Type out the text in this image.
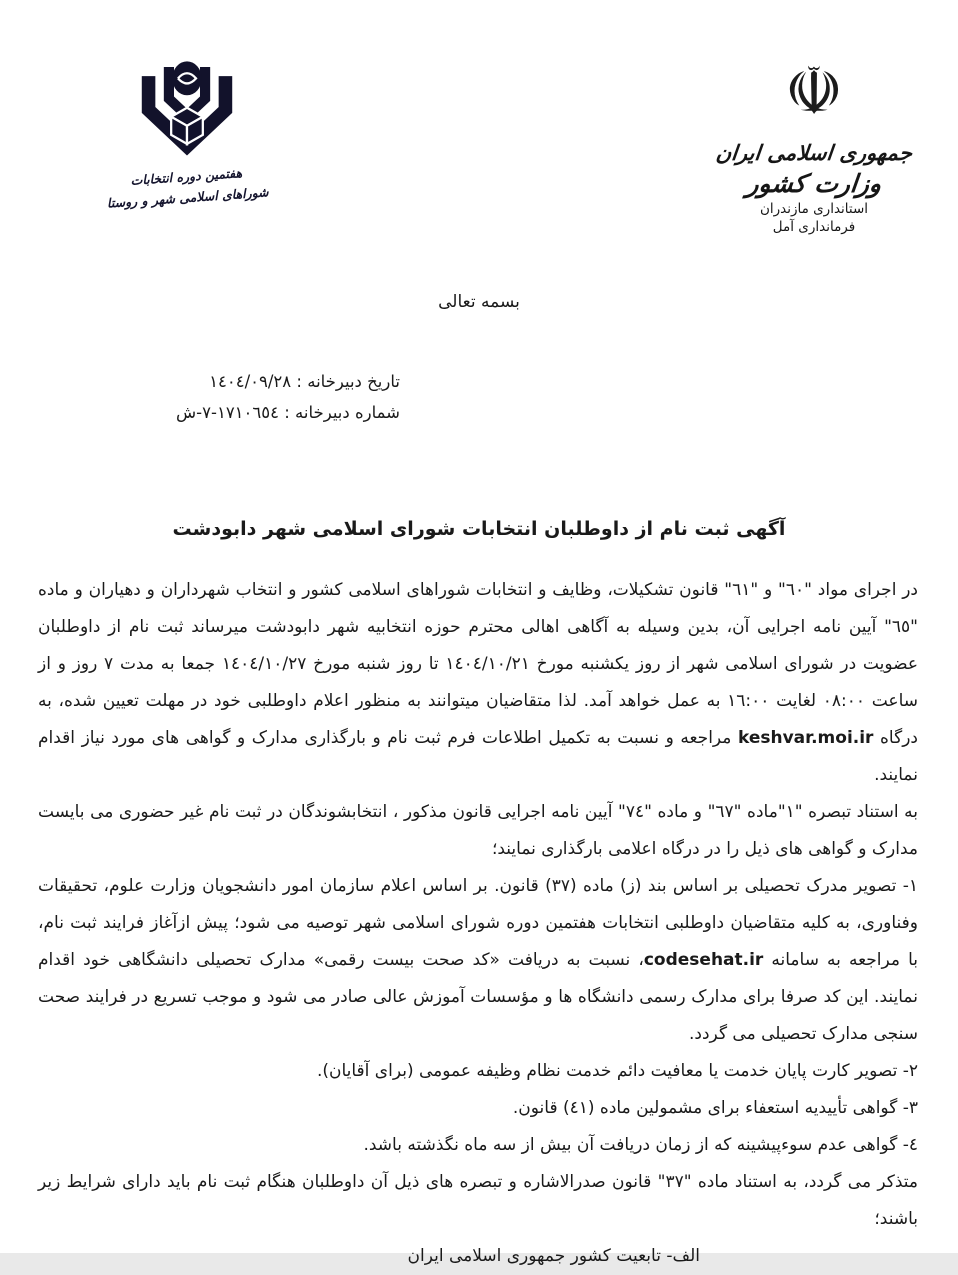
هفتمین دوره انتخابات
شوراهای اسلامی شهر و روستا
☫
جمهوری اسلامی ایران
وزارت کشور
استانداری مازندران
فرمانداری آمل
بسمه تعالی
تاریخ دبیرخانه : ١٤٠٤/٠٩/٢٨
شماره دبیرخانه : ١٧١٠٦٥٤-٧-ش
آگهی ثبت نام از داوطلبان انتخابات شورای اسلامی شهر دابودشت

در اجرای مواد "٦٠" و "٦١" قانون تشکیلات، وظایف و انتخابات شوراهای اسلامی کشور و انتخاب شهرداران و دهیاران و ماده "٦٥" آیین نامه اجرایی آن، بدین وسیله به آگاهی اهالی محترم حوزه انتخابیه شهر دابودشت میرساند ثبت نام از داوطلبان عضویت در شورای اسلامی شهر از روز یکشنبه مورخ ١٤٠٤/١٠/٢١ تا روز شنبه مورخ ١٤٠٤/١٠/٢٧ جمعا به مدت ٧ روز و از ساعت ٠٨:٠٠ لغایت ١٦:٠٠ به عمل خواهد آمد. لذا متقاضیان میتوانند به منظور اعلام داوطلبی خود در مهلت تعیین شده، به درگاه keshvar.moi.ir مراجعه و نسبت به تکمیل اطلاعات فرم ثبت نام و بارگذاری مدارک و گواهی های مورد نیاز اقدام نمایند.

به استناد تبصره "١"ماده "٦٧" و ماده "٧٤" آیین نامه اجرایی قانون مذکور ، انتخابشوندگان در ثبت نام غیر حضوری می بایست مدارک و گواهی های ذیل را در درگاه اعلامی بارگذاری نمایند؛

١- تصویر مدرک تحصیلی بر اساس بند (ز) ماده (٣٧) قانون. بر اساس اعلام سازمان امور دانشجویان وزارت علوم، تحقیقات وفناوری، به کلیه متقاضیان داوطلبی انتخابات هفتمین دوره شورای اسلامی شهر توصیه می شود؛ پیش ازآغاز فرایند ثبت نام، با مراجعه به سامانه codesehat.ir، نسبت به دریافت «کد صحت بیست رقمی» مدارک تحصیلی دانشگاهی خود اقدام نمایند. این کد صرفا برای مدارک رسمی دانشگاه ها و مؤسسات آموزش عالی صادر می شود و موجب تسریع در فرایند صحت سنجی مدارک تحصیلی می گردد.

٢- تصویر کارت پایان خدمت یا معافیت دائم خدمت نظام وظیفه عمومی (برای آقایان).

٣- گواهی تأییدیه استعفاء برای مشمولین ماده (٤١) قانون.

٤- گواهی عدم سوءپیشینه که از زمان دریافت آن بیش از سه ماه نگذشته باشد.

متذکر می گردد، به استناد ماده "٣٧" قانون صدرالاشاره و تبصره های ذیل آن داوطلبان هنگام ثبت نام باید دارای شرایط زیر باشند؛

الف- تابعیت کشور جمهوری اسلامی ایران
